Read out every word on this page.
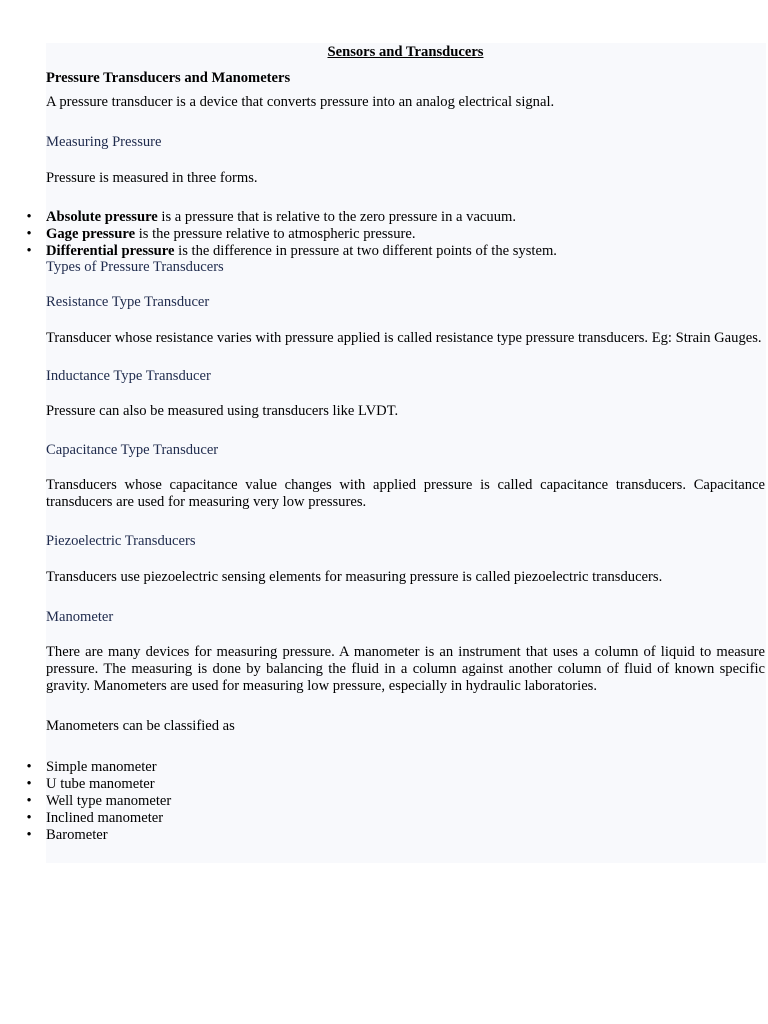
Sensors and Transducers
Pressure Transducers and Manometers

A pressure transducer is a device that converts pressure into an analog electrical signal.

Measuring Pressure

Pressure is measured in three forms.

• Absolute pressure is a pressure that is relative to the zero pressure in a vacuum.
• Gage pressure is the pressure relative to atmospheric pressure.
• Differential pressure is the difference in pressure at two different points of the system.

Types of Pressure Transducers

Resistance Type Transducer

Transducer whose resistance varies with pressure applied is called resistance type pressure transducers. Eg: Strain Gauges.

Inductance Type Transducer

Pressure can also be measured using transducers like LVDT.

Capacitance Type Transducer

Transducers whose capacitance value changes with applied pressure is called capacitance transducers. Capacitance transducers are used for measuring very low pressures.

Piezoelectric Transducers

Transducers use piezoelectric sensing elements for measuring pressure is called piezoelectric transducers.

Manometer

There are many devices for measuring pressure. A manometer is an instrument that uses a column of liquid to measure pressure. The measuring is done by balancing the fluid in a column against another column of fluid of known specific gravity. Manometers are used for measuring low pressure, especially in hydraulic laboratories.

Manometers can be classified as

• Simple manometer
• U tube manometer
• Well type manometer
• Inclined manometer
• Barometer
